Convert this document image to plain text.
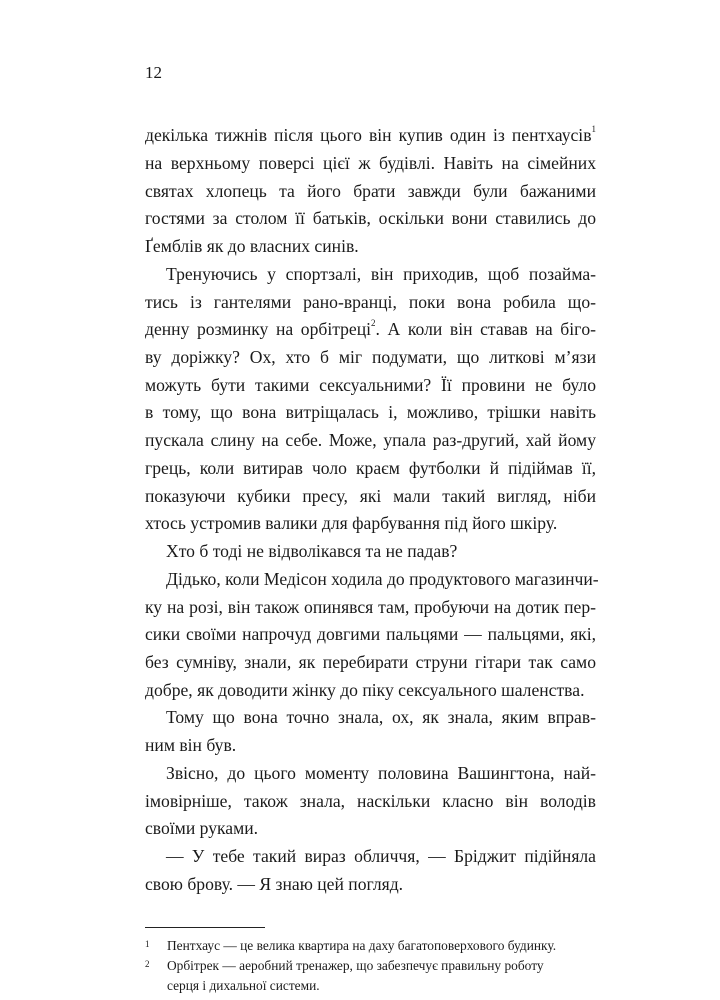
12
декілька тижнів після цього він купив один із пентхаусів$^1$
на верхньому поверсі цієї ж будівлі. Навіть на сімейних
святах хлопець та його брати завжди були бажаними
гостями за столом її батьків, оскільки вони ставились до
Ґемблів як до власних синів.
Тренуючись у спортзалі, він приходив, щоб позайма-
тись із гантелями рано-вранці, поки вона робила що-
денну розминку на орбітреці$^2$. А коли він ставав на бігo-
ву доріжку? Ох, хто б міг подумати, що литкові м’язи
можуть бути такими сексуальними? Її провини не було
в тому, що вона витріщалась і, можливо, трішки навіть
пускала слину на себе. Може, упала раз-другий, хай йому
грець, коли витирав чоло краєм футболки й підіймав її,
показуючи кубики пресу, які мали такий вигляд, ніби
хтось устромив валики для фарбування під його шкіру.
Хто б тоді не відволікався та не падав?
Дідько, коли Медісон ходила до продуктового магазинчи-
ку на розі, він також опинявся там, пробуючи на дотик пер-
сики своїми напрочуд довгими пальцями — пальцями, які,
без сумніву, знали, як перебирати струни гітари так само
добре, як доводити жінку до піку сексуального шаленства.
Тому що вона точно знала, ох, як знала, яким вправ-
ним він був.
Звісно, до цього моменту половина Вашингтона, най-
імовірніше, також знала, наскільки класно він володів
своїми руками.
— У тебе такий вираз обличчя, — Бріджит підійняла
свою брову. — Я знаю цей погляд.
1 Пентхаус — це велика квартира на даху багатоповерхового будинку.
2 Орбітрек — аеробний тренажер, що забезпечує правильну роботу
серця і дихальної системи.
